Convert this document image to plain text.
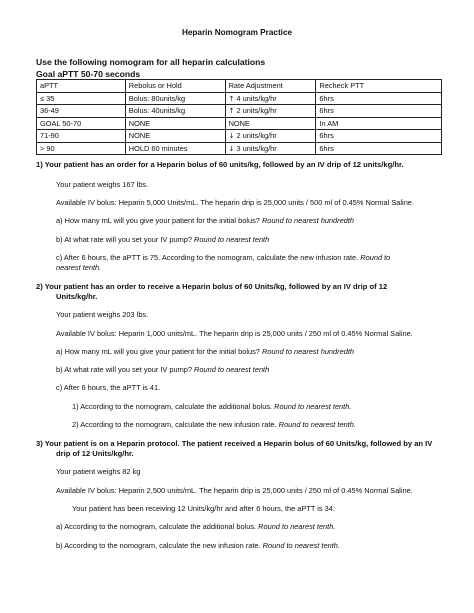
Heparin Nomogram Practice
Use the following nomogram for all heparin calculations
Goal aPTT 50-70 seconds
aPTT	Rebolus or Hold	Rate Adjustment	Recheck PTT
≤ 35	Bolus: 80units/kg	↑ 4 units/kg/hr	6hrs
36-49	Bolus: 40units/kg	↑ 2 units/kg/hr	6hrs
GOAL 50-70	NONE	NONE	In AM
71-90	NONE	↓ 2 units/kg/hr	6hrs
> 90	HOLD 60 minutes	↓ 3 units/kg/hr	6hrs
1) Your patient has an order for a Heparin bolus of 60 units/kg, followed by an IV drip of 12 units/kg/hr.
Your patient weighs 167 lbs.
Available IV bolus: Heparin 5,000 Units/mL. The heparin drip is 25,000 units / 500 ml of 0.45% Normal Saline.
a) How many mL will you give your patient for the initial bolus? Round to nearest hundredth
b) At what rate will you set your IV pump? Round to nearest tenth
c) After 6 hours, the aPTT is 75. According to the nomogram, calculate the new infusion rate. Round to
nearest tenth.
2) Your patient has an order to receive a Heparin bolus of 60 Units/kg, followed by an IV drip of 12
Units/kg/hr.
Your patient weighs 203 lbs.
Available IV bolus: Heparin 1,000 units/mL. The heparin drip is 25,000 units / 250 ml of 0.45% Normal Saline.
a) How many mL will you give your patient for the initial bolus? Round to nearest hundredth
b) At what rate will you set your IV pump? Round to nearest tenth
c) After 6 hours, the aPTT is 41.
1) According to the nomogram, calculate the additional bolus. Round to nearest tenth.
2) According to the nomogram, calculate the new infusion rate. Round to nearest tenth.
3) Your patient is on a Heparin protocol. The patient received a Heparin bolus of 60 Units/kg, followed by an IV
drip of 12 Units/kg/hr.
Your patient weighs 82 kg
Available IV bolus: Heparin 2,500 units/mL. The heparin drip is 25,000 units / 250 ml of 0.45% Normal Saline.
Your patient has been receiving 12 Units/kg/hr and after 6 hours, the aPTT is 34.
a) According to the nomogram, calculate the additional bolus. Round to nearest tenth.
b) According to the nomogram, calculate the new infusion rate. Round to nearest tenth.
